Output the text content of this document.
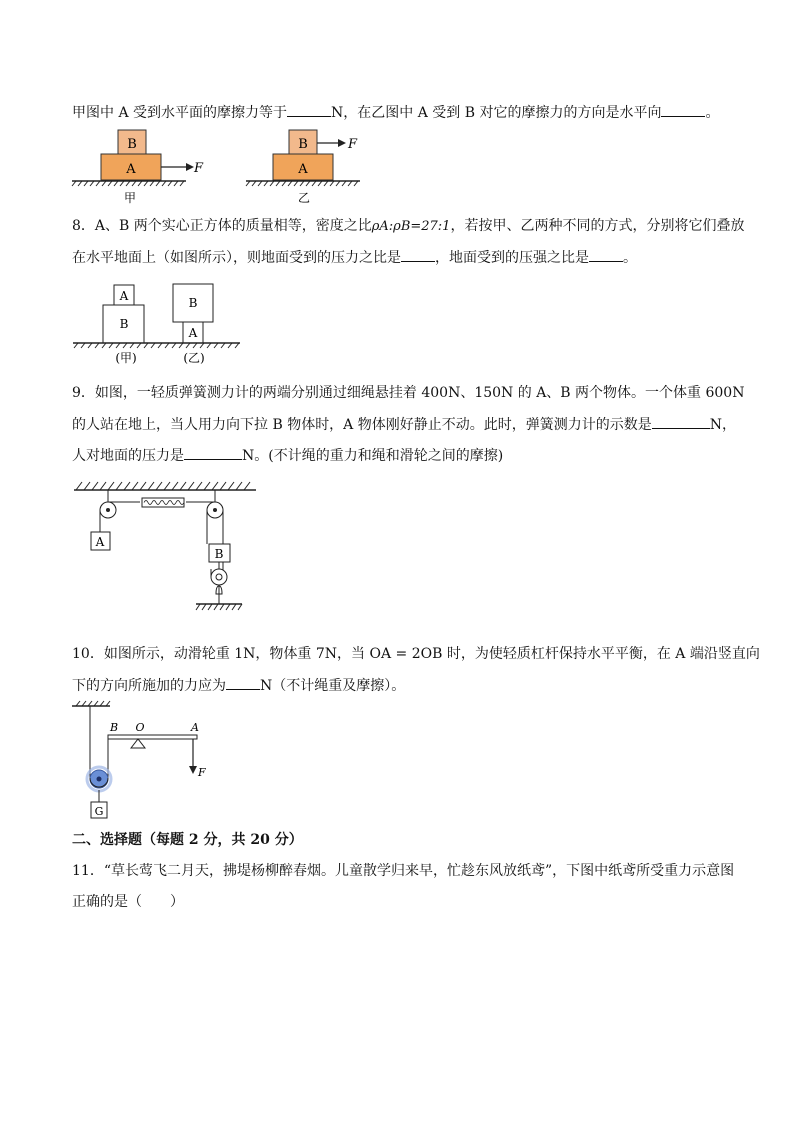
甲图中 A 受到水平面的摩擦力等于	N，在乙图中 A 受到 B 对它的摩擦力的方向是水平向	。
B
A	F
甲
B
A
F
乙
8．A、B 两个实心正方体的质量相等，密度之比ρA:ρB=27:1，若按甲、乙两种不同的方式，分别将它们叠放
在水平地面上（如图所示），则地面受到的压力之比是 ，地面受到的压强之比是 。
A
B
B
A
(甲)	(乙)
9．如图，一轻质弹簧测力计的两端分别通过细绳悬挂着 400N、150N 的 A、B 两个物体。一个体重 600N
的人站在地上，当人用力向下拉 B 物体时，A 物体刚好静止不动。此时，弹簧测力计的示数是	N，
人对地面的压力是	N。(不计绳的重力和绳和滑轮之间的摩擦)
A
B
10．如图所示，动滑轮重 1N，物体重 7N，当 OA = 2OB 时，为使轻质杠杆保持水平平衡，在 A 端沿竖直向
下的方向所施加的力应为 N（不计绳重及摩擦）。
G
B O	A
F
二、选择题（每题 2 分，共 20 分）
11．“草长莺飞二月天，拂堤杨柳醉春烟。儿童散学归来早，忙趁东风放纸鸢”，下图中纸鸢所受重力示意图
正确的是（　　）
